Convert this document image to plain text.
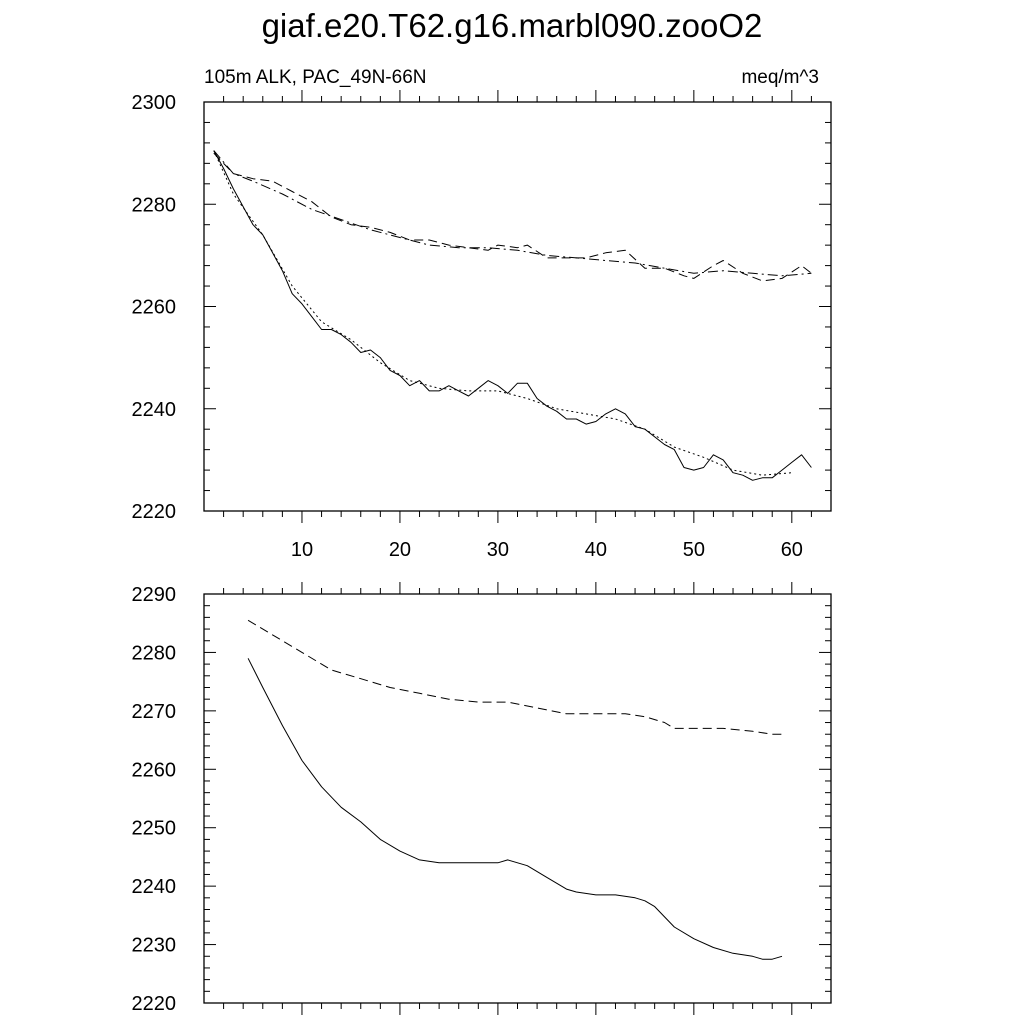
giaf.e20.T62.g16.marbl090.zooO2
105m ALK, PAC_49N-66N	meq/m^3
2220
2240
2260
2280
2300
10	20	30	40	50	60
2220
2230
2240
2250
2260
2270
2280
2290
